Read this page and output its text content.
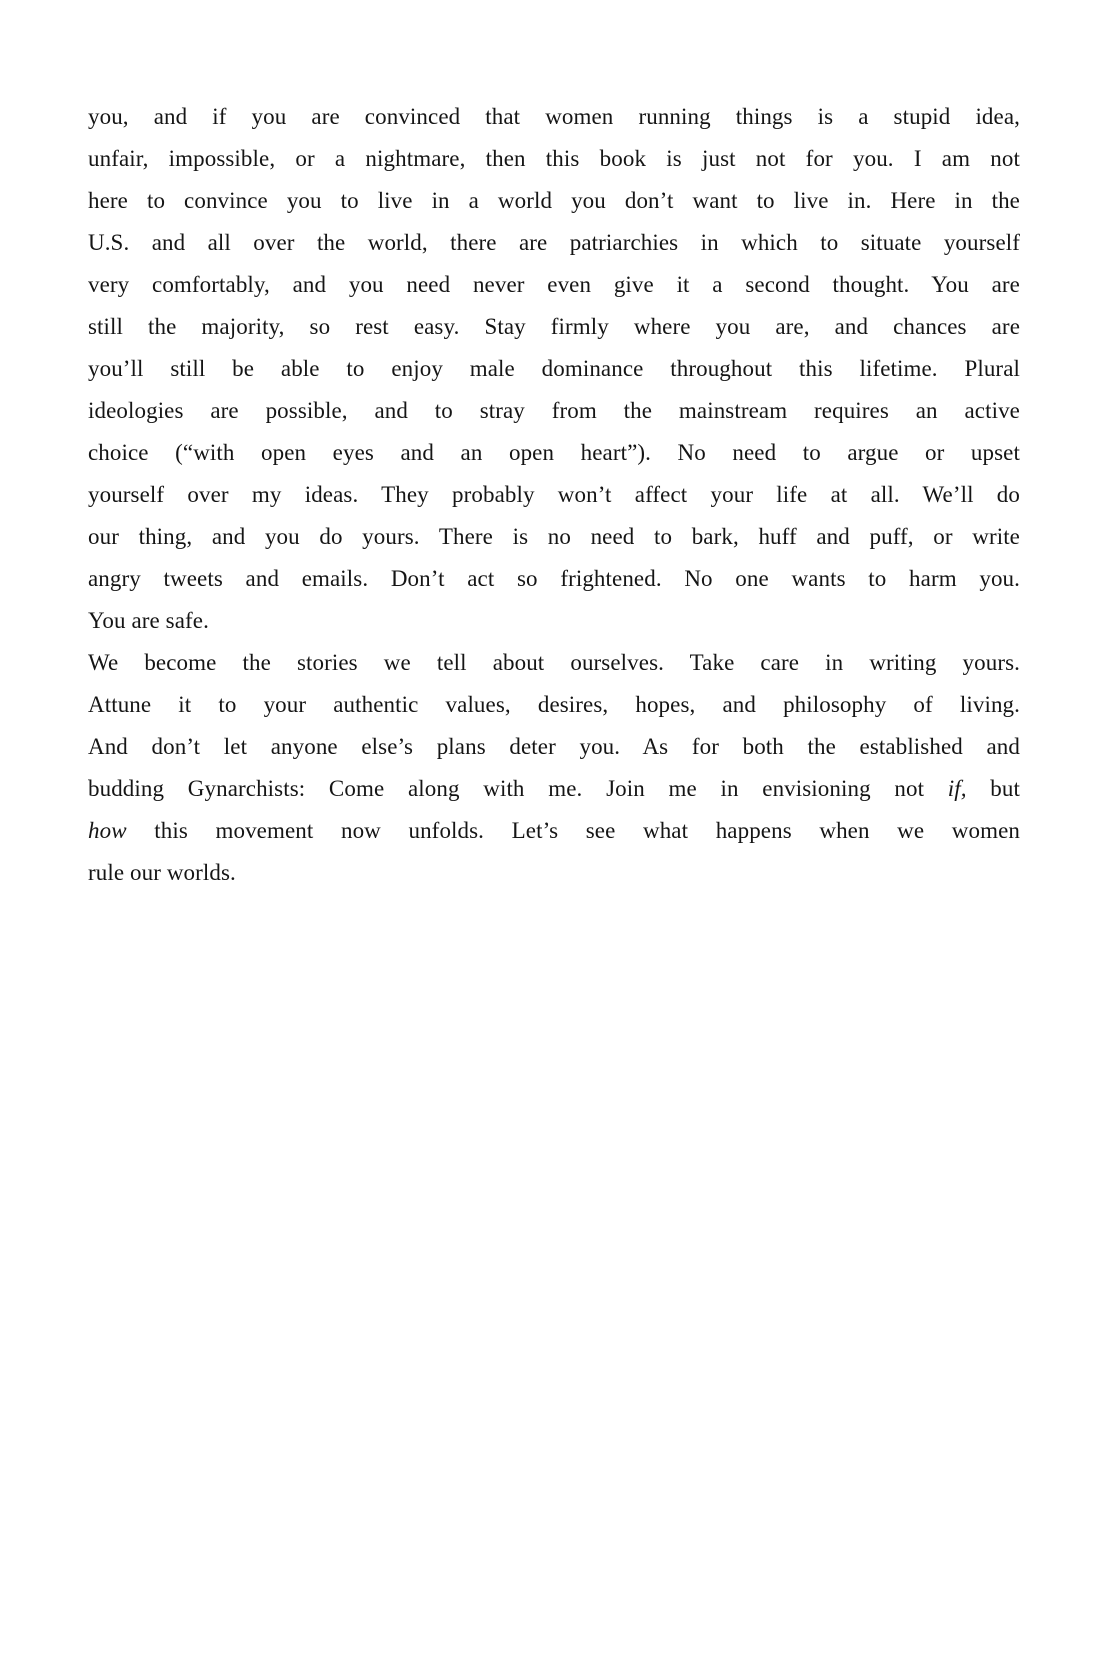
you, and if you are convinced that women running things is a stupid idea,
unfair, impossible, or a nightmare, then this book is just not for you. I am not
here to convince you to live in a world you don’t want to live in. Here in the
U.S. and all over the world, there are patriarchies in which to situate yourself
very comfortably, and you need never even give it a second thought. You are
still the majority, so rest easy. Stay firmly where you are, and chances are
you’ll still be able to enjoy male dominance throughout this lifetime. Plural
ideologies are possible, and to stray from the mainstream requires an active
choice (“with open eyes and an open heart”). No need to argue or upset
yourself over my ideas. They probably won’t affect your life at all. We’ll do
our thing, and you do yours. There is no need to bark, huff and puff, or write
angry tweets and emails. Don’t act so frightened. No one wants to harm you.
You are safe.
We become the stories we tell about ourselves. Take care in writing yours.
Attune it to your authentic values, desires, hopes, and philosophy of living.
And don’t let anyone else’s plans deter you. As for both the established and
budding Gynarchists: Come along with me. Join me in envisioning not if, but
how this movement now unfolds. Let’s see what happens when we women
rule our worlds.
